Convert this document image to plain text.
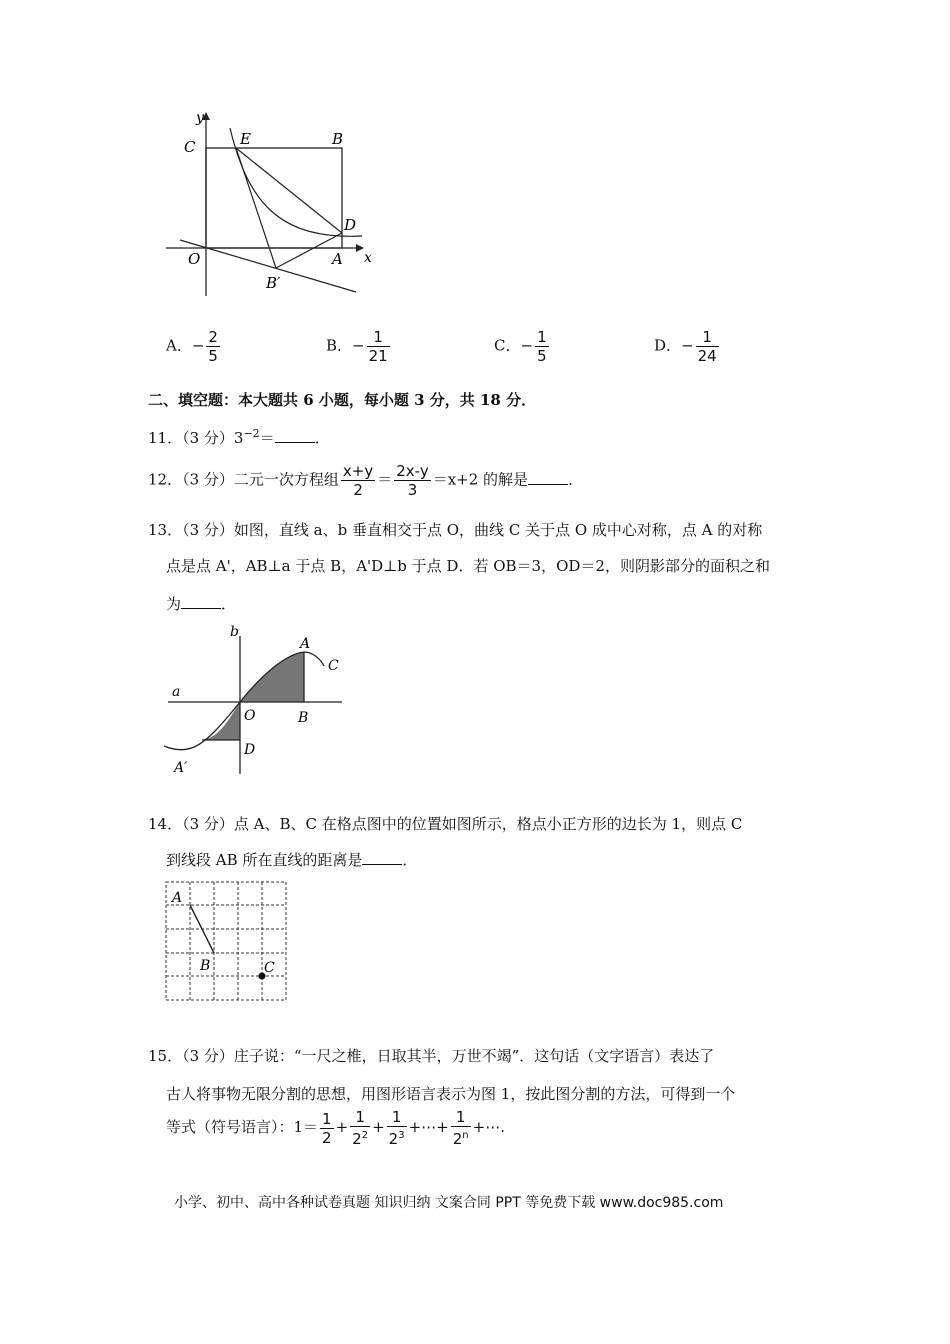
y
C	E	B
D
O	A x
B′
A．− $\frac{2}{5}$	B．− $\frac{1}{21}$	C．− $\frac{1}{5}$	D．− $\frac{1}{24}$
二、填空题：本大题共 6 小题，每小题 3 分，共 18 分．
11．（3 分）$3^{-2}=$	．
12．（3 分）二元一次方程组 $\frac{x+y}{2} = \frac{2x-y}{3} =x+2$ 的解是	．
13．（3 分）如图，直线 a、b 垂直相交于点 O，曲线 C 关于点 O 成中心对称，点 A 的对称
点是点 A'，AB⊥a 于点 B，A'D⊥b 于点 D．若 OB＝3，OD＝2，则阴影部分的面积之和
为	．
b
A
C
a
O	B
D
A′
14．（3 分）点 A、B、C 在格点图中的位置如图所示，格点小正方形的边长为 1，则点 C
到线段 AB 所在直线的距离是	．
A
B	C
15．（3 分）庄子说：“一尺之椎，日取其半，万世不竭”．这句话（文字语言）表达了
古人将事物无限分割的思想，用图形语言表示为图 1，按此图分割的方法，可得到一个
等式（符号语言）：$1= \frac{1}{2} + \frac{1}{2^2} + \frac{1}{2^3}$ +⋯+ $\frac{1}{2^n}$ +⋯.
小学、初中、高中各种试卷真题 知识归纳 文案合同 PPT 等免费下载 www.doc985.com
